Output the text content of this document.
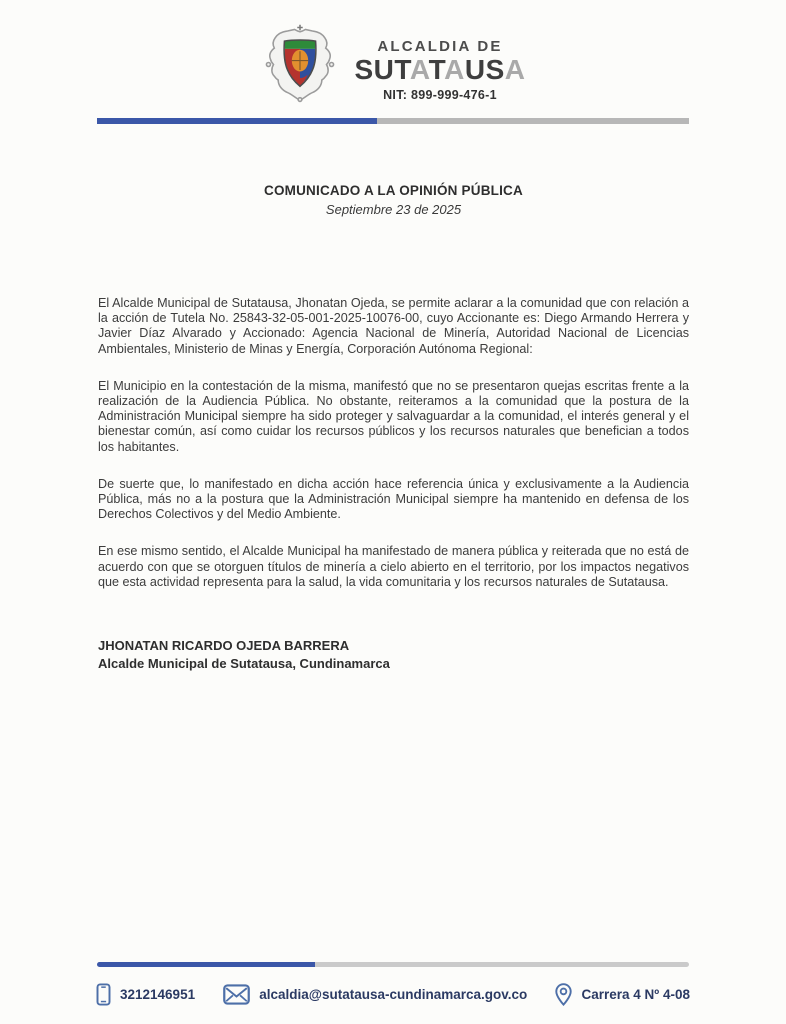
ALCALDIA DE
SUTATAUSA
NIT: 899-999-476-1
COMUNICADO A LA OPINIÓN PÚBLICA
Septiembre 23 de 2025

El Alcalde Municipal de Sutatausa, Jhonatan Ojeda, se permite aclarar a la comunidad que con relación a la acción de Tutela No. 25843-32-05-001-2025-10076-00, cuyo Accionante es: Diego Armando Herrera y Javier Díaz Alvarado y Accionado: Agencia Nacional de Minería, Autoridad Nacional de Licencias Ambientales, Ministerio de Minas y Energía, Corporación Autónoma Regional:

El Municipio en la contestación de la misma, manifestó que no se presentaron quejas escritas frente a la realización de la Audiencia Pública. No obstante, reiteramos a la comunidad que la postura de la Administración Municipal siempre ha sido proteger y salvaguardar a la comunidad, el interés general y el bienestar común, así como cuidar los recursos públicos y los recursos naturales que benefician a todos los habitantes.

De suerte que, lo manifestado en dicha acción hace referencia única y exclusivamente a la Audiencia Pública, más no a la postura que la Administración Municipal siempre ha mantenido en defensa de los Derechos Colectivos y del Medio Ambiente.

En ese mismo sentido, el Alcalde Municipal ha manifestado de manera pública y reiterada que no está de acuerdo con que se otorguen títulos de minería a cielo abierto en el territorio, por los impactos negativos que esta actividad representa para la salud, la vida comunitaria y los recursos naturales de Sutatausa.

JHONATAN RICARDO OJEDA BARRERA
Alcalde Municipal de Sutatausa, Cundinamarca
3212146951	alcaldia@sutatausa-cundinamarca.gov.co	Carrera 4 Nº 4-08
